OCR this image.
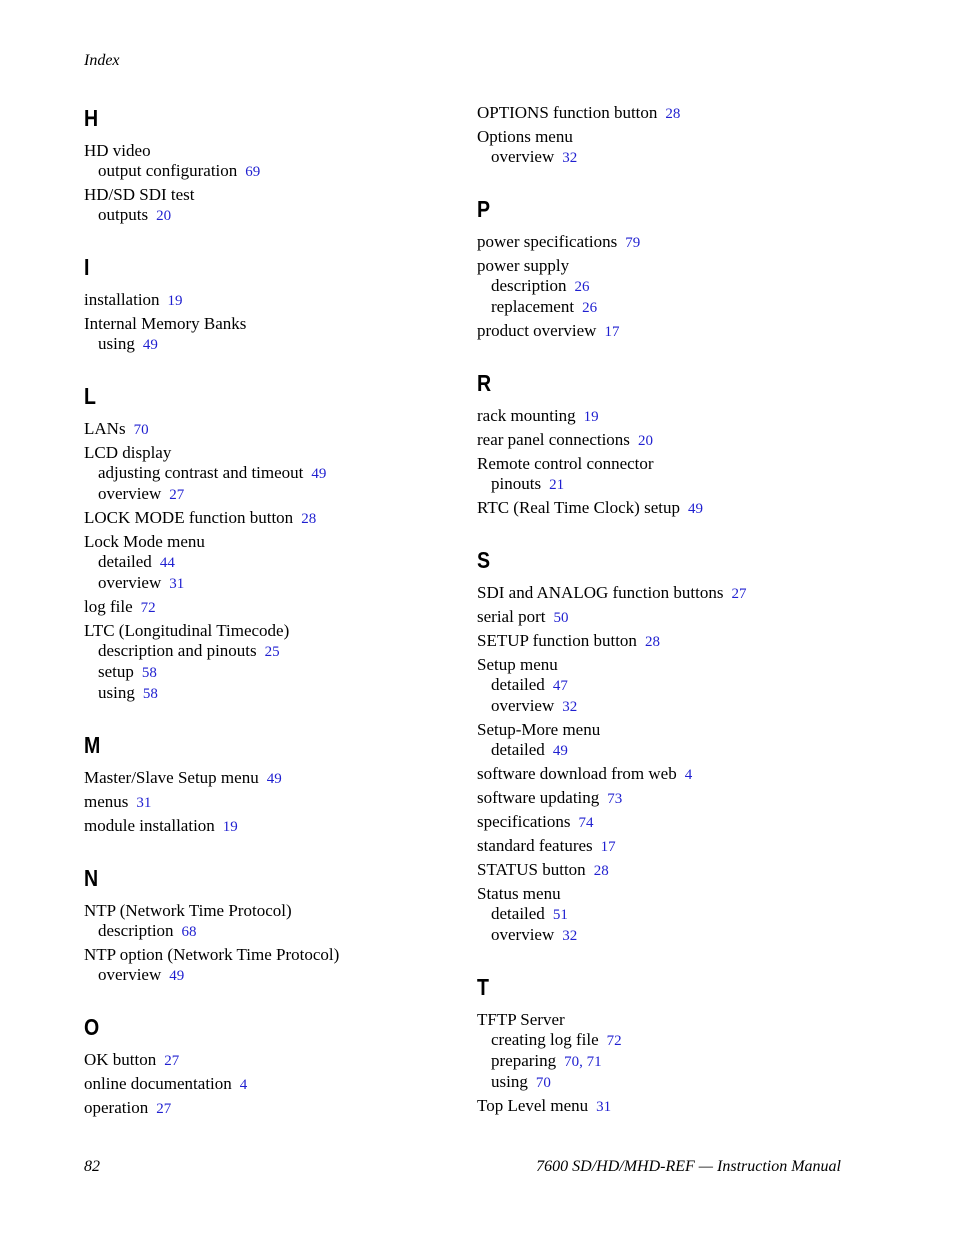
Index
H
HD video
output configuration 69
HD/SD SDI test
outputs 20
I
installation 19
Internal Memory Banks
using 49
L
LANs 70
LCD display
adjusting contrast and timeout 49
overview 27
LOCK MODE function button 28
Lock Mode menu
detailed 44
overview 31
log file 72
LTC (Longitudinal Timecode)
description and pinouts 25
setup 58
using 58
M
Master/Slave Setup menu 49
menus 31
module installation 19
N
NTP (Network Time Protocol)
description 68
NTP option (Network Time Protocol)
overview 49
O
OK button 27
online documentation 4
operation 27
OPTIONS function button 28
Options menu
overview 32
P
power specifications 79
power supply
description 26
replacement 26
product overview 17
R
rack mounting 19
rear panel connections 20
Remote control connector
pinouts 21
RTC (Real Time Clock) setup 49
S
SDI and ANALOG function buttons 27
serial port 50
SETUP function button 28
Setup menu
detailed 47
overview 32
Setup-More menu
detailed 49
software download from web 4
software updating 73
specifications 74
standard features 17
STATUS button 28
Status menu
detailed 51
overview 32
T
TFTP Server
creating log file 72
preparing 70, 71
using 70
Top Level menu 31
82	7600 SD/HD/MHD-REF — Instruction Manual
